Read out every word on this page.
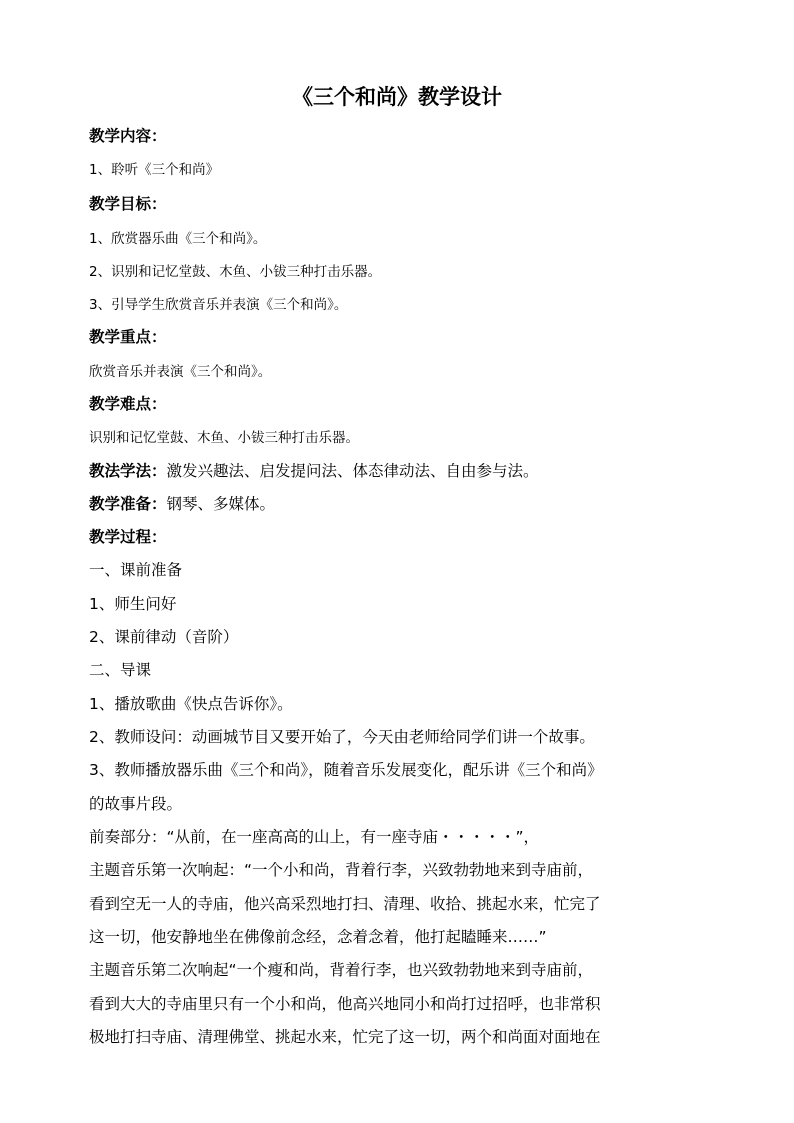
《三个和尚》教学设计
教学内容：
1、聆听《三个和尚》
教学目标：
1、欣赏器乐曲《三个和尚》。
2、识别和记忆堂鼓、木鱼、小钹三种打击乐器。
3、引导学生欣赏音乐并表演《三个和尚》。
教学重点：
欣赏音乐并表演《三个和尚》。
教学难点：
识别和记忆堂鼓、木鱼、小钹三种打击乐器。
教法学法：激发兴趣法、启发提问法、体态律动法、自由参与法。
教学准备：钢琴、多媒体。
教学过程：
一、课前准备
1、师生问好
2、课前律动（音阶）
二、导课
1、播放歌曲《快点告诉你》。
2、教师设问：动画城节目又要开始了，今天由老师给同学们讲一个故事。
3、教师播放器乐曲《三个和尚》，随着音乐发展变化，配乐讲《三个和尚》
的故事片段。
前奏部分：“从前，在一座高高的山上，有一座寺庙・・・・・”，
主题音乐第一次响起：“一个小和尚，背着行李，兴致勃勃地来到寺庙前，
看到空无一人的寺庙，他兴高采烈地打扫、清理、收拾、挑起水来，忙完了
这一切，他安静地坐在佛像前念经，念着念着，他打起瞌睡来……”
主题音乐第二次响起“一个瘦和尚，背着行李，也兴致勃勃地来到寺庙前，
看到大大的寺庙里只有一个小和尚，他高兴地同小和尚打过招呼，也非常积
极地打扫寺庙、清理佛堂、挑起水来，忙完了这一切，两个和尚面对面地在
